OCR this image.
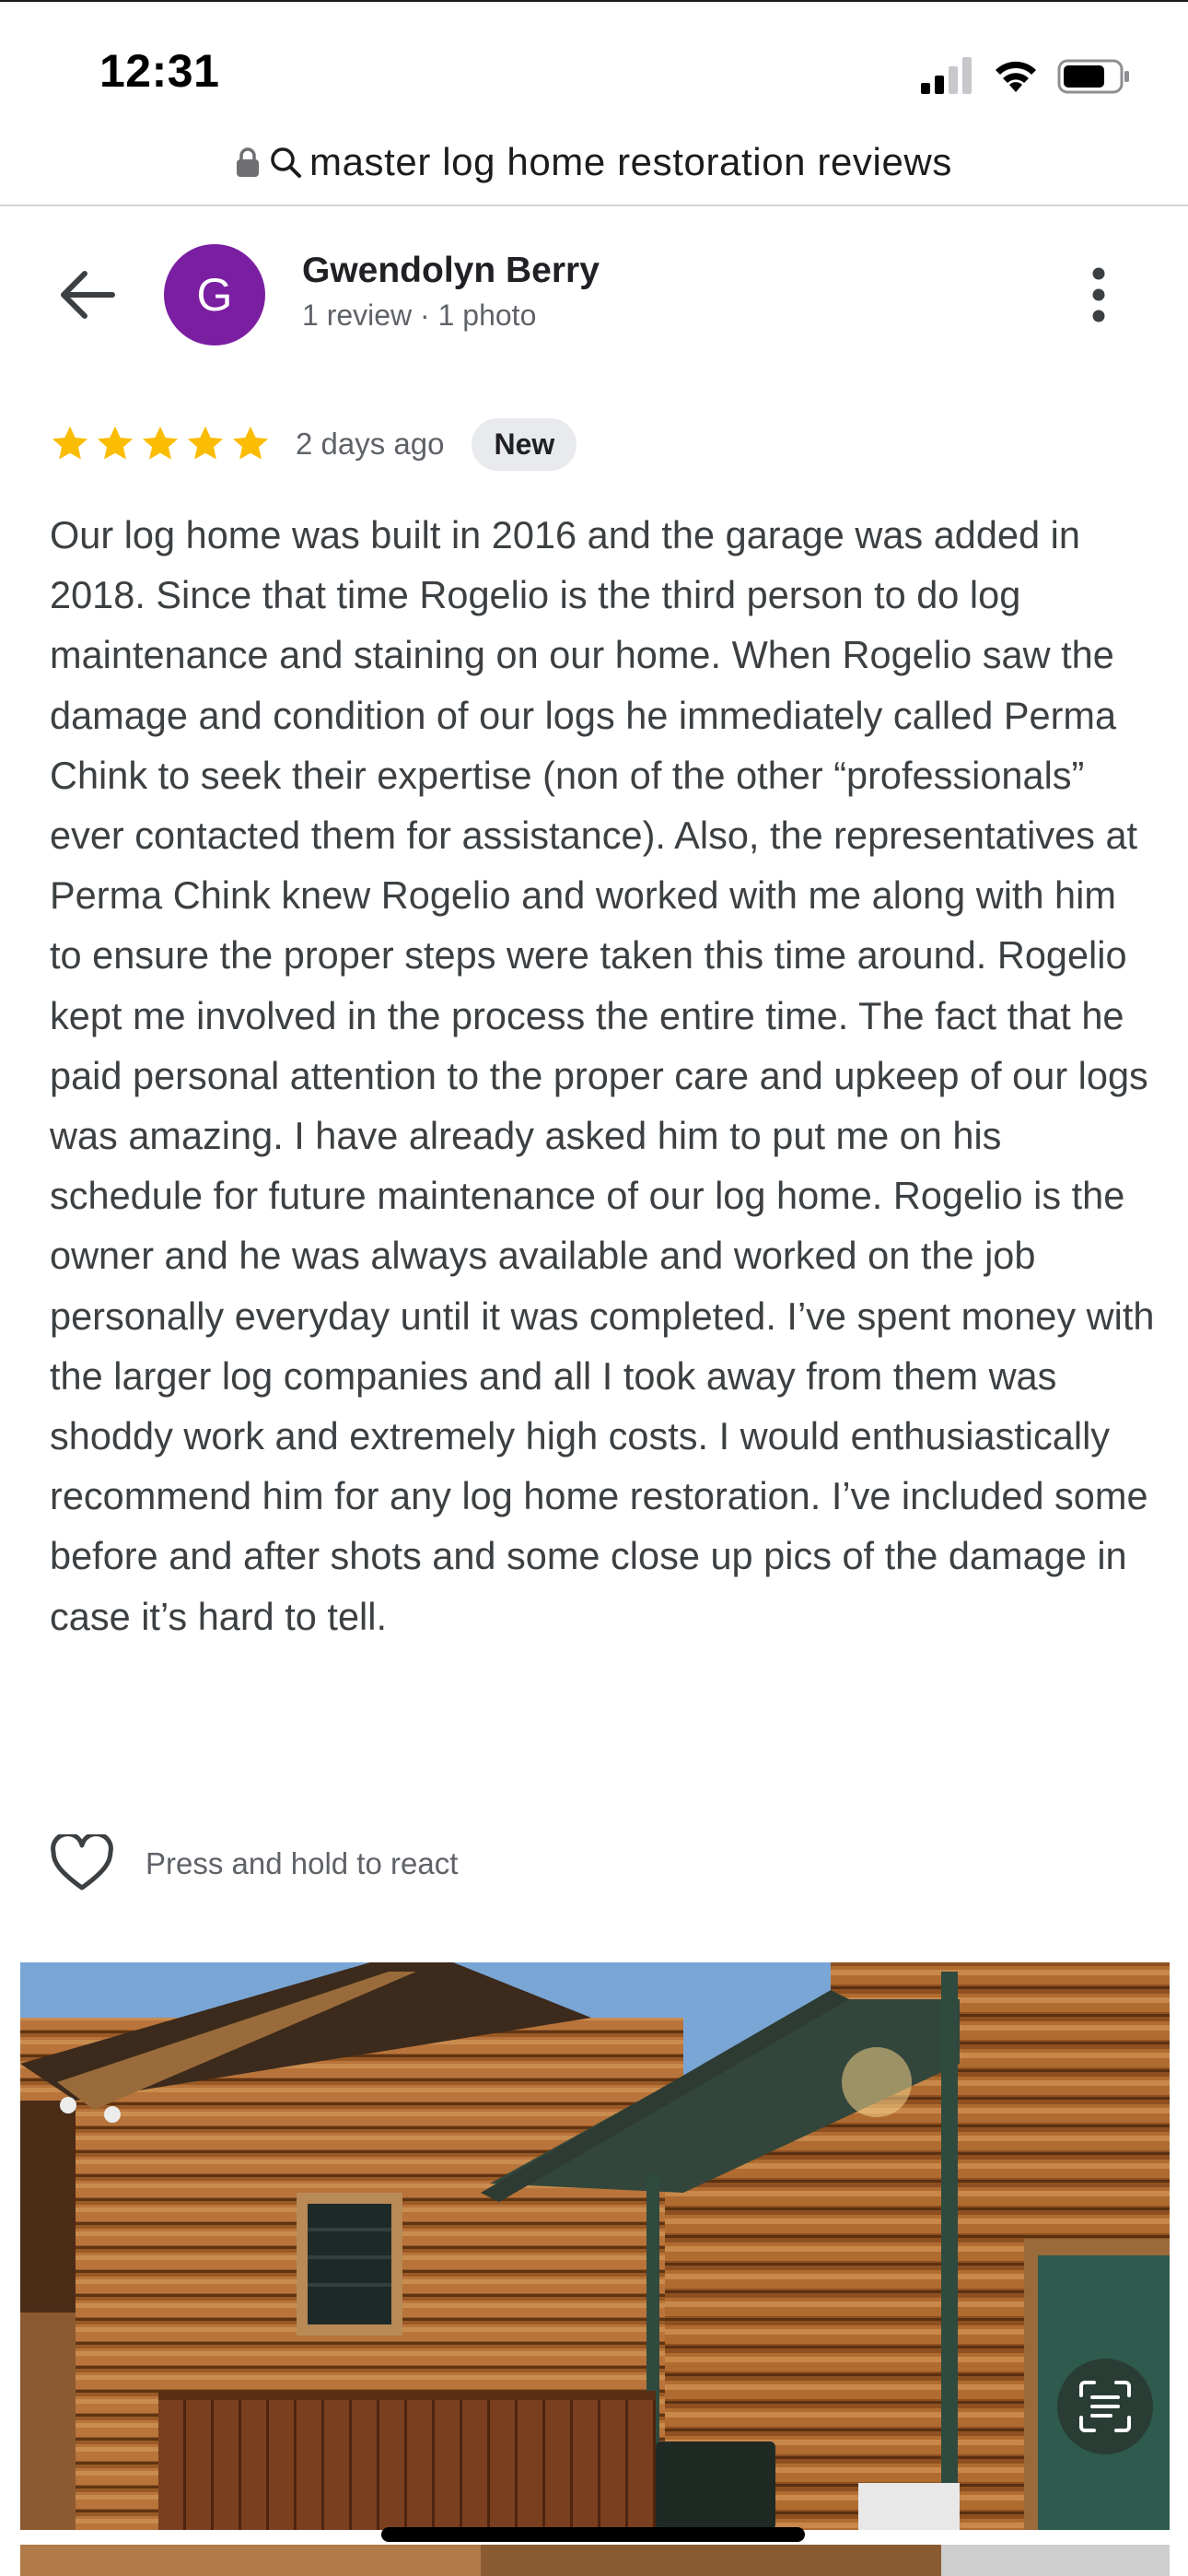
12:31
master log home restoration reviews
G	Gwendolyn Berry
1 review · 1 photo
2 days ago	New
Our log home was built in 2016 and the garage was added in 2018. Since that time Rogelio is the third person to do log maintenance and staining on our home. When Rogelio saw the damage and condition of our logs he immediately called Perma Chink to seek their expertise (non of the other “professionals” ever contacted them for assistance). Also, the representatives at Perma Chink knew Rogelio and worked with me along with him to ensure the proper steps were taken this time around. Rogelio kept me involved in the process the entire time. The fact that he paid personal attention to the proper care and upkeep of our logs was amazing. I have already asked him to put me on his schedule for future maintenance of our log home. Rogelio is the owner and he was always available and worked on the job personally everyday until it was completed. I’ve spent money with the larger log companies and all I took away from them was shoddy work and extremely high costs. I would enthusiastically recommend him for any log home restoration. I’ve included some before and after shots and some close up pics of the damage in case it’s hard to tell.
Press and hold to react
